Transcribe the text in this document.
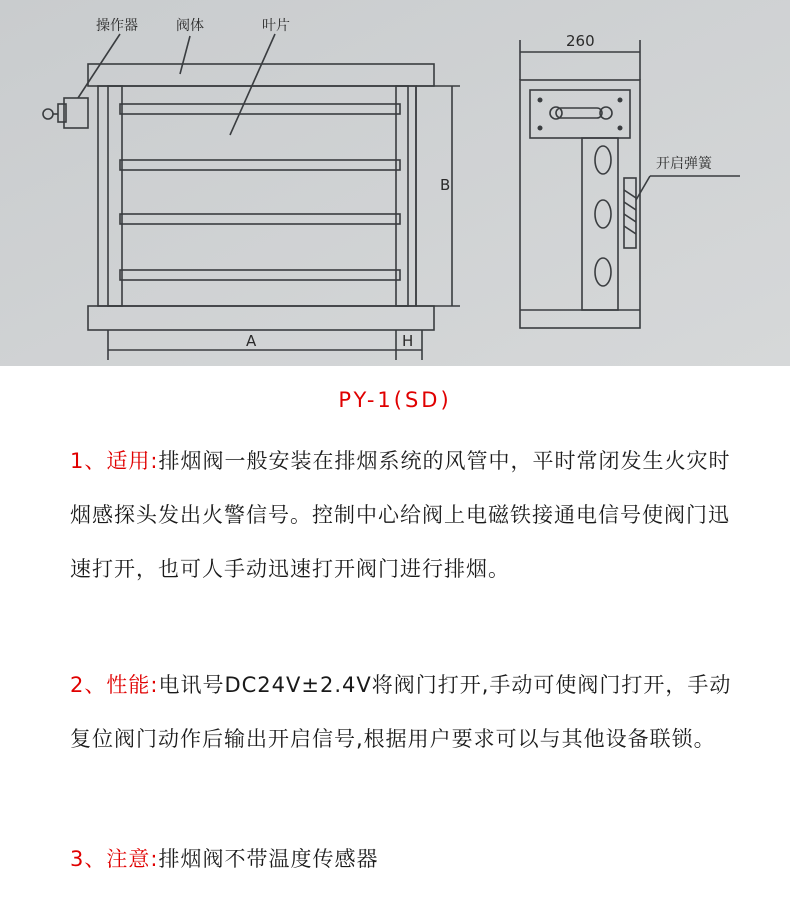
操作器	阀体	叶片
260
开启弹簧
B
A	H
PY-1(SD)
1、适用:排烟阀一般安装在排烟系统的风管中，平时常闭发生火灾时烟感探头发出火警信号。控制中心给阀上电磁铁接通电信号使阀门迅速打开，也可人手动迅速打开阀门进行排烟。
2、性能:电讯号DC24V±2.4V将阀门打开,手动可使阀门打开，手动复位阀门动作后输出开启信号,根据用户要求可以与其他设备联锁。
3、注意:排烟阀不带温度传感器
